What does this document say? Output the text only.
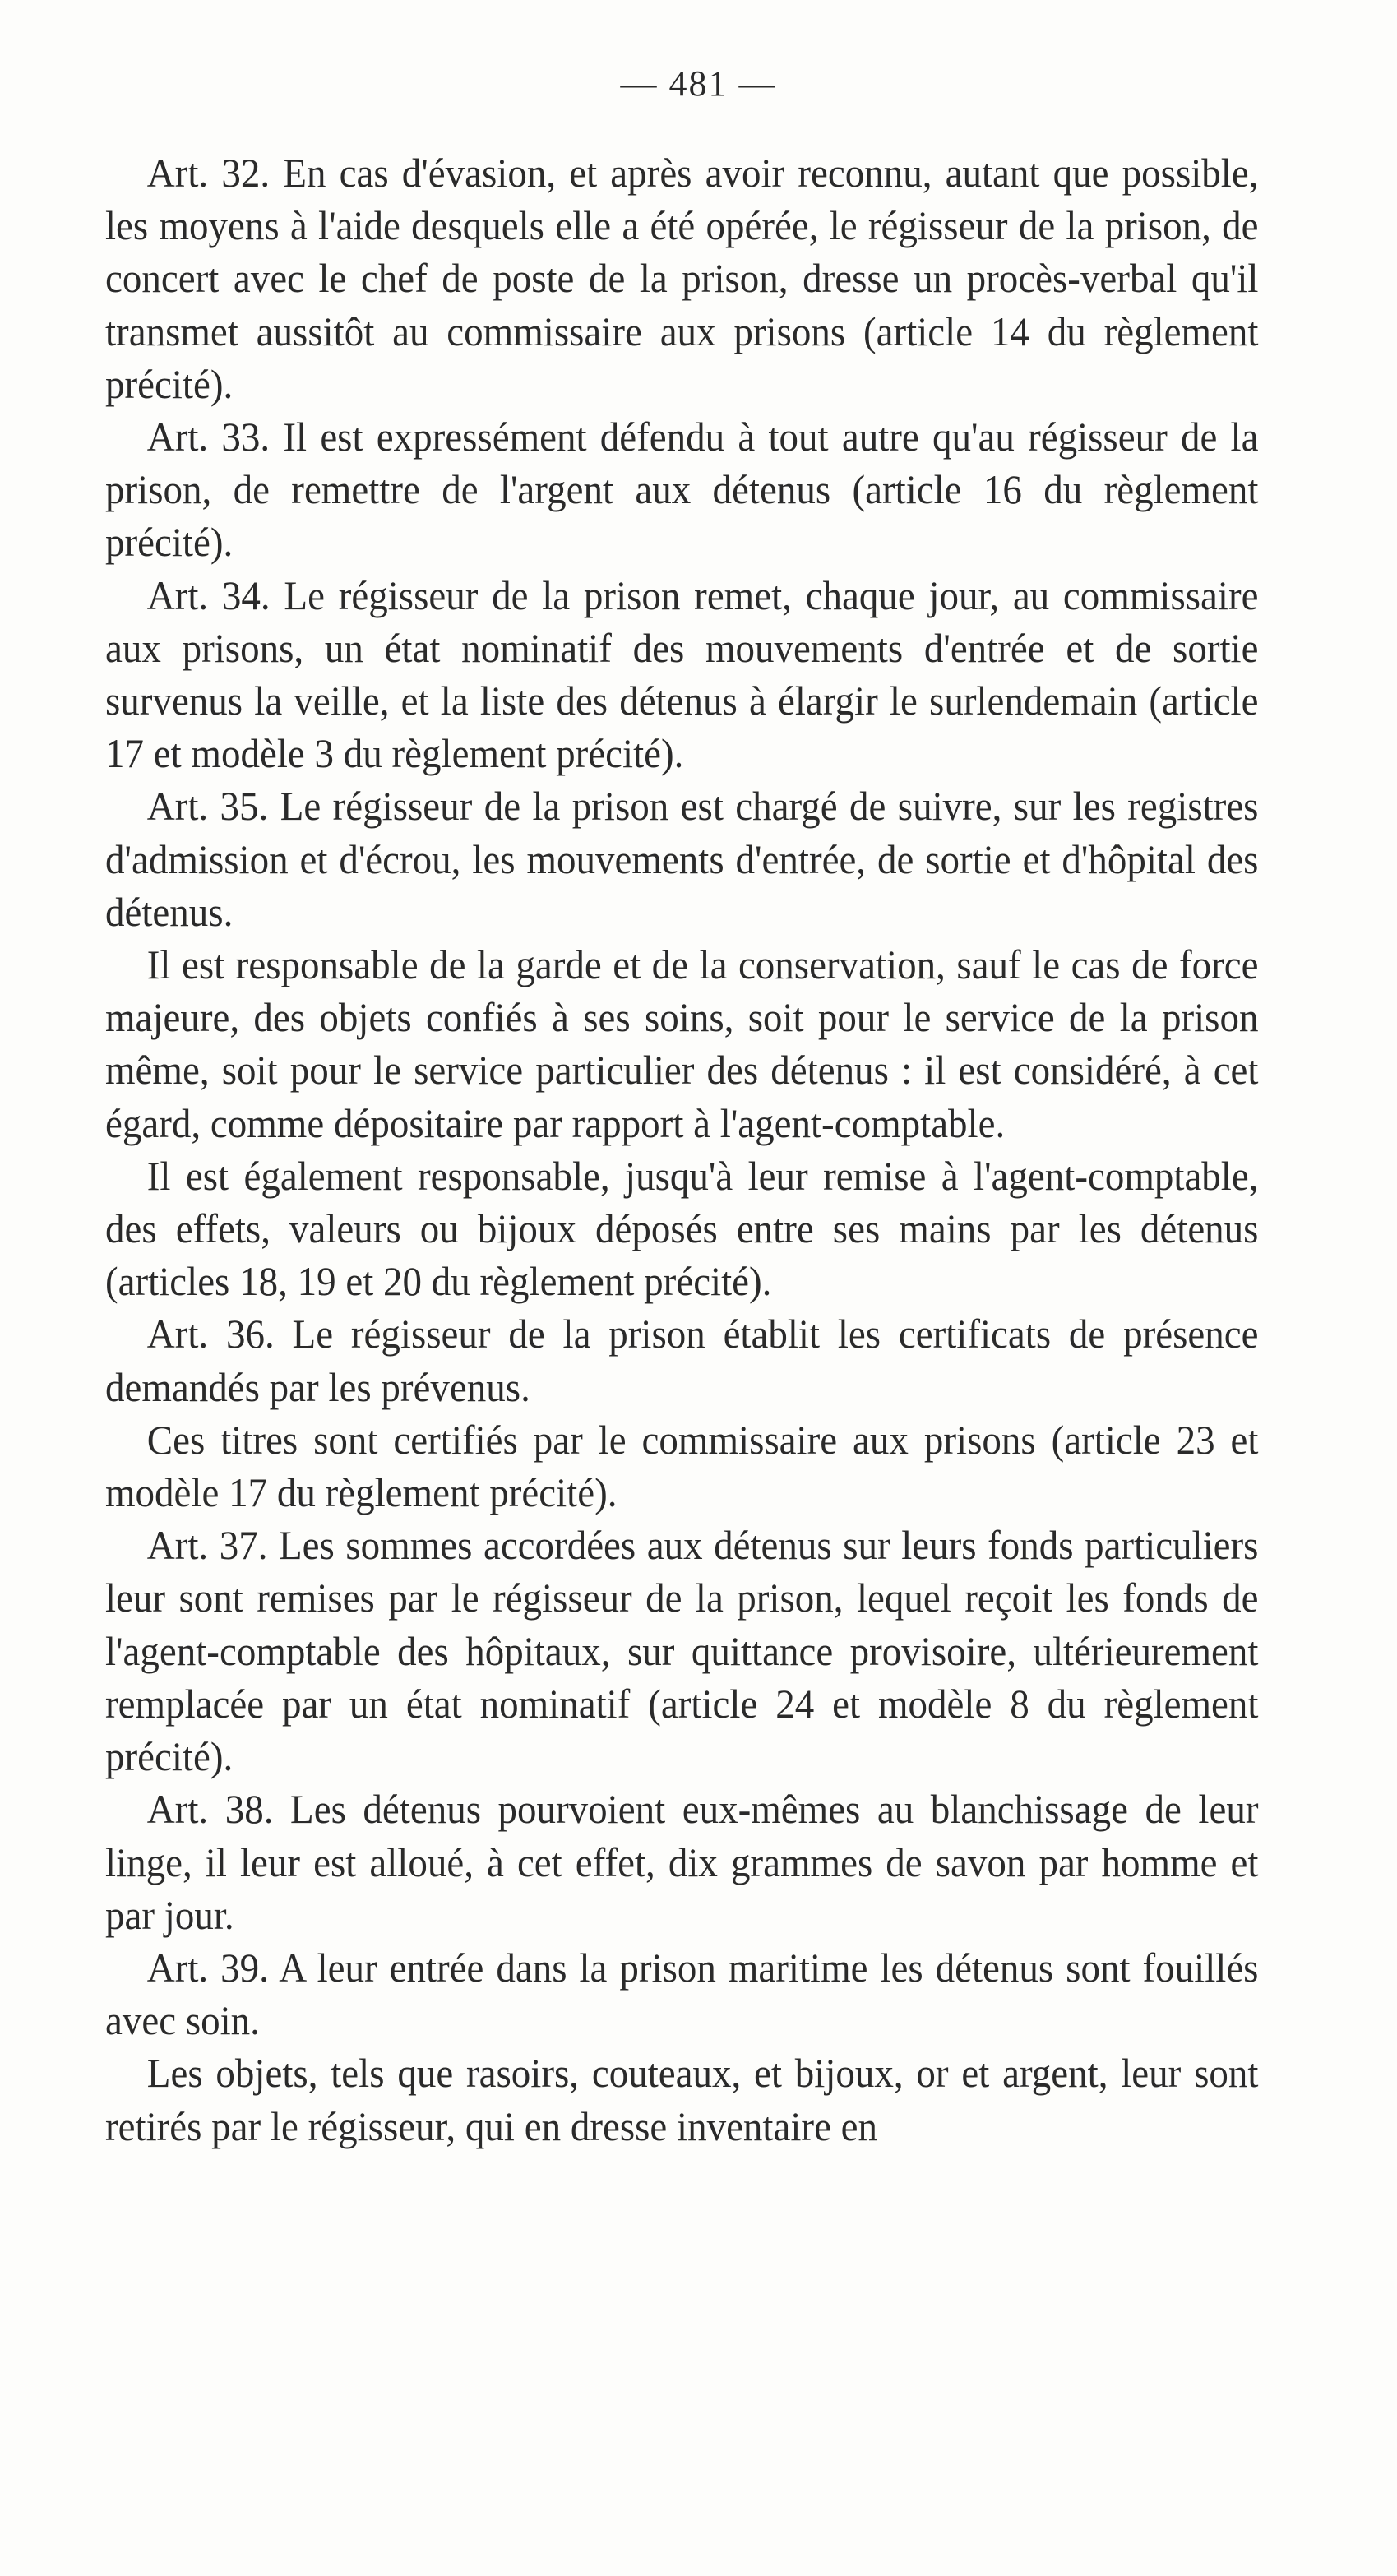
— 481 —

Art. 32. En cas d'évasion, et après avoir reconnu, autant que possible, les moyens à l'aide desquels elle a été opérée, le régisseur de la prison, de concert avec le chef de poste de la prison, dresse un procès-verbal qu'il transmet aussitôt au commissaire aux prisons (article 14 du règlement précité).

Art. 33. Il est expressément défendu à tout autre qu'au régisseur de la prison, de remettre de l'argent aux détenus (article 16 du règlement précité).

Art. 34. Le régisseur de la prison remet, chaque jour, au commissaire aux prisons, un état nominatif des mouvements d'entrée et de sortie survenus la veille, et la liste des détenus à élargir le surlendemain (article 17 et modèle 3 du règlement précité).

Art. 35. Le régisseur de la prison est chargé de suivre, sur les registres d'admission et d'écrou, les mouvements d'entrée, de sortie et d'hôpital des détenus.

Il est responsable de la garde et de la conservation, sauf le cas de force majeure, des objets confiés à ses soins, soit pour le service de la prison même, soit pour le service particulier des détenus : il est considéré, à cet égard, comme dépositaire par rapport à l'agent-comptable.

Il est également responsable, jusqu'à leur remise à l'agent-comptable, des effets, valeurs ou bijoux déposés entre ses mains par les détenus (articles 18, 19 et 20 du règlement précité).

Art. 36. Le régisseur de la prison établit les certificats de présence demandés par les prévenus.

Ces titres sont certifiés par le commissaire aux prisons (article 23 et modèle 17 du règlement précité).

Art. 37. Les sommes accordées aux détenus sur leurs fonds particuliers leur sont remises par le régisseur de la prison, lequel reçoit les fonds de l'agent-comptable des hôpitaux, sur quittance provisoire, ultérieurement remplacée par un état nominatif (article 24 et modèle 8 du règlement précité).

Art. 38. Les détenus pourvoient eux-mêmes au blanchissage de leur linge, il leur est alloué, à cet effet, dix grammes de savon par homme et par jour.

Art. 39. A leur entrée dans la prison maritime les détenus sont fouillés avec soin.

Les objets, tels que rasoirs, couteaux, et bijoux, or et argent, leur sont retirés par le régisseur, qui en dresse inventaire en
